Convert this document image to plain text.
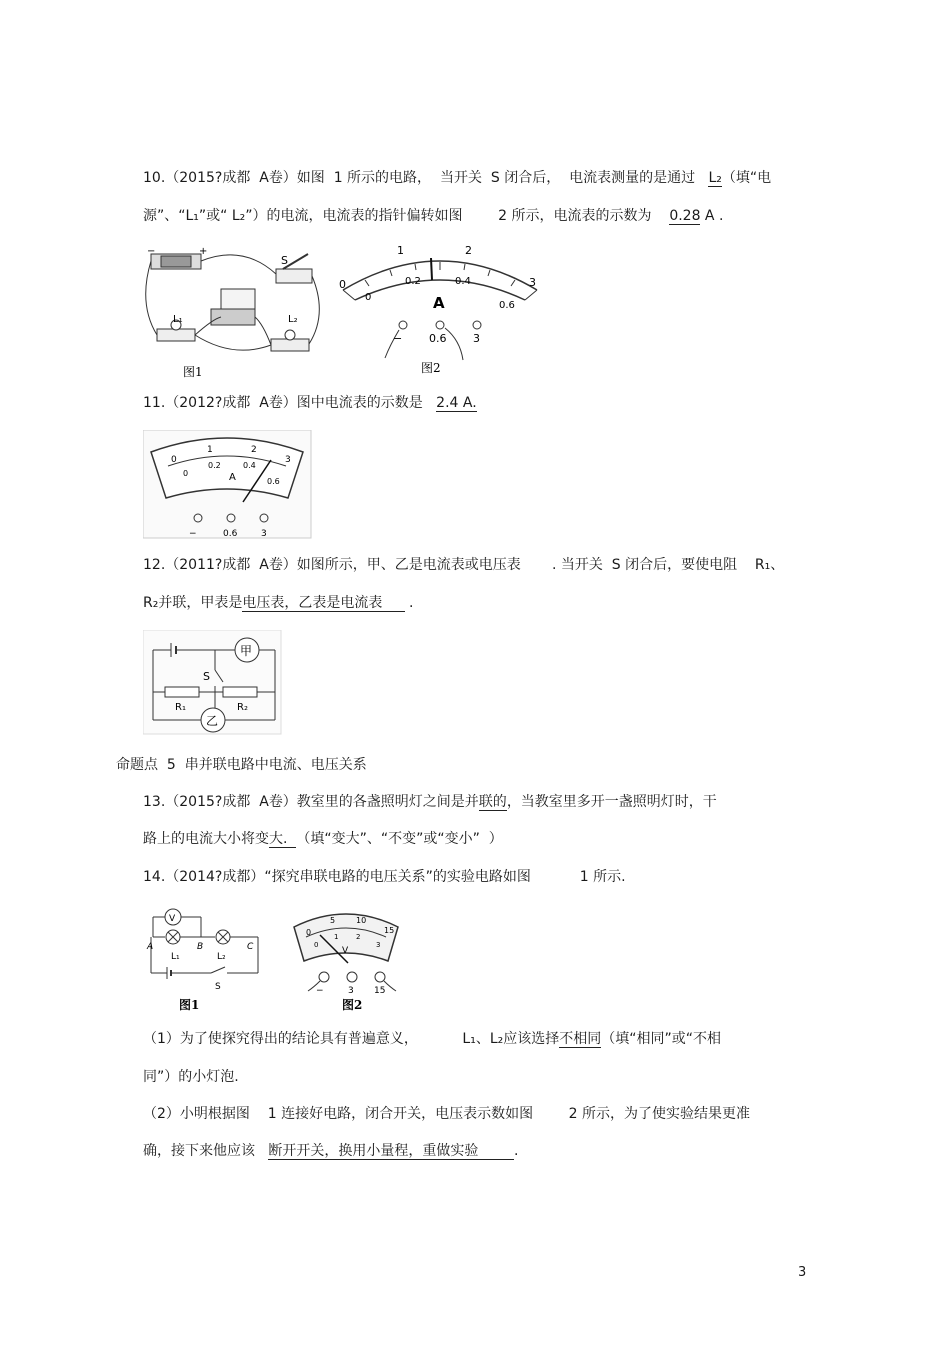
10.（2015?成都  A卷）如图  1 所示的电路，  当开关  S 闭合后，  电流表测量的是通过   L₂（填“电
源”、“L₁”或“ L₂”）的电流，电流表的指针偏转如图        2 所示，电流表的示数为    0.28 A .
−	+
S
L₁	L₂
图1
0
1	2
3
0
0.2	0.4
0.6
A
− 0.6 3
图2
11.（2012?成都  A卷）图中电流表的示数是   2.4 A.
0
1	2
3
0
0.2	0.4
0.6
A
−	0.6	3
12.（2011?成都  A卷）如图所示，甲、乙是电流表或电压表       . 当开关  S 闭合后，要使电阻    R₁、
R₂并联，甲表是电压表，乙表是电流表      .
甲
S
R₁	R₂
乙
命题点  5  串并联电路中电流、电压关系
13.（2015?成都  A卷）教室里的各盏照明灯之间是并联的，当教室里多开一盏照明灯时，干
路上的电流大小将变大.  （填“变大”、“不变”或“变小”  ）
14.（2014?成都）“探究串联电路的电压关系”的实验电路如图           1 所示.
V
A	B	C
L₁	L₂
S
图1
0
5	10
15
0
1	2
3
V
−	3 15
图2
（1）为了使探究得出的结论具有普遍意义，          L₁、L₂应该选择不相同（填“相同”或“不相
同”）的小灯泡.
（2）小明根据图    1 连接好电路，闭合开关，电压表示数如图        2 所示，为了使实验结果更准
确，接下来他应该   断开开关，换用小量程，重做实验        .
3
